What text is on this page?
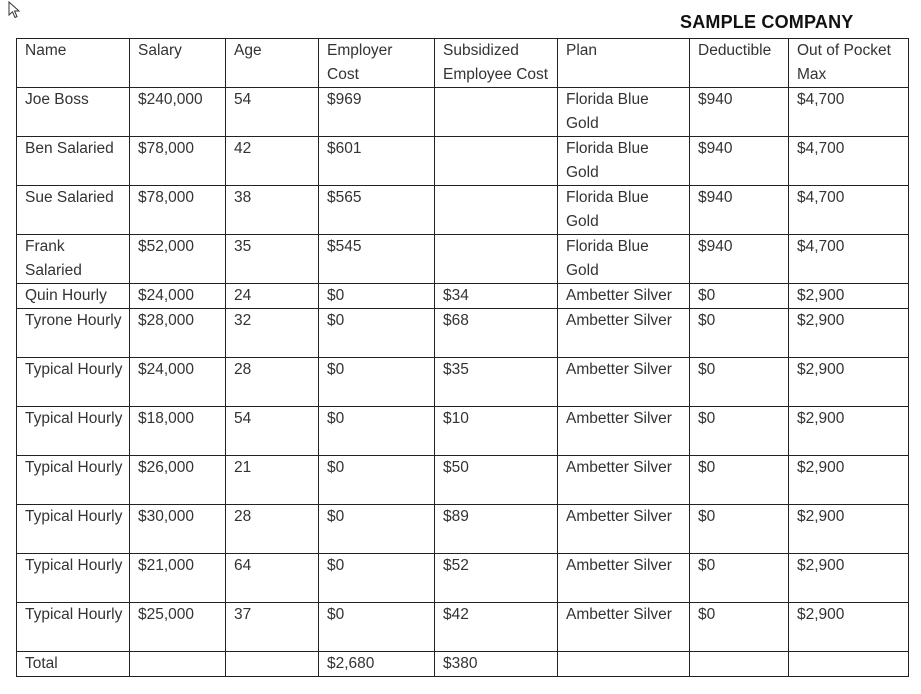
SAMPLE COMPANY
Name	Salary	Age	Employer Cost	Subsidized Employee Cost	Plan	Deductible	Out of Pocket Max
Joe Boss	$240,000	54	$969		Florida Blue Gold	$940	$4,700
Ben Salaried	$78,000	42	$601		Florida Blue Gold	$940	$4,700
Sue Salaried	$78,000	38	$565		Florida Blue Gold	$940	$4,700
Frank Salaried	$52,000	35	$545		Florida Blue Gold	$940	$4,700
Quin Hourly	$24,000	24	$0	$34	Ambetter Silver	$0	$2,900
Tyrone Hourly	$28,000	32	$0	$68	Ambetter Silver	$0	$2,900
Typical Hourly	$24,000	28	$0	$35	Ambetter Silver	$0	$2,900
Typical Hourly	$18,000	54	$0	$10	Ambetter Silver	$0	$2,900
Typical Hourly	$26,000	21	$0	$50	Ambetter Silver	$0	$2,900
Typical Hourly	$30,000	28	$0	$89	Ambetter Silver	$0	$2,900
Typical Hourly	$21,000	64	$0	$52	Ambetter Silver	$0	$2,900
Typical Hourly	$25,000	37	$0	$42	Ambetter Silver	$0	$2,900
Total			$2,680	$380			
